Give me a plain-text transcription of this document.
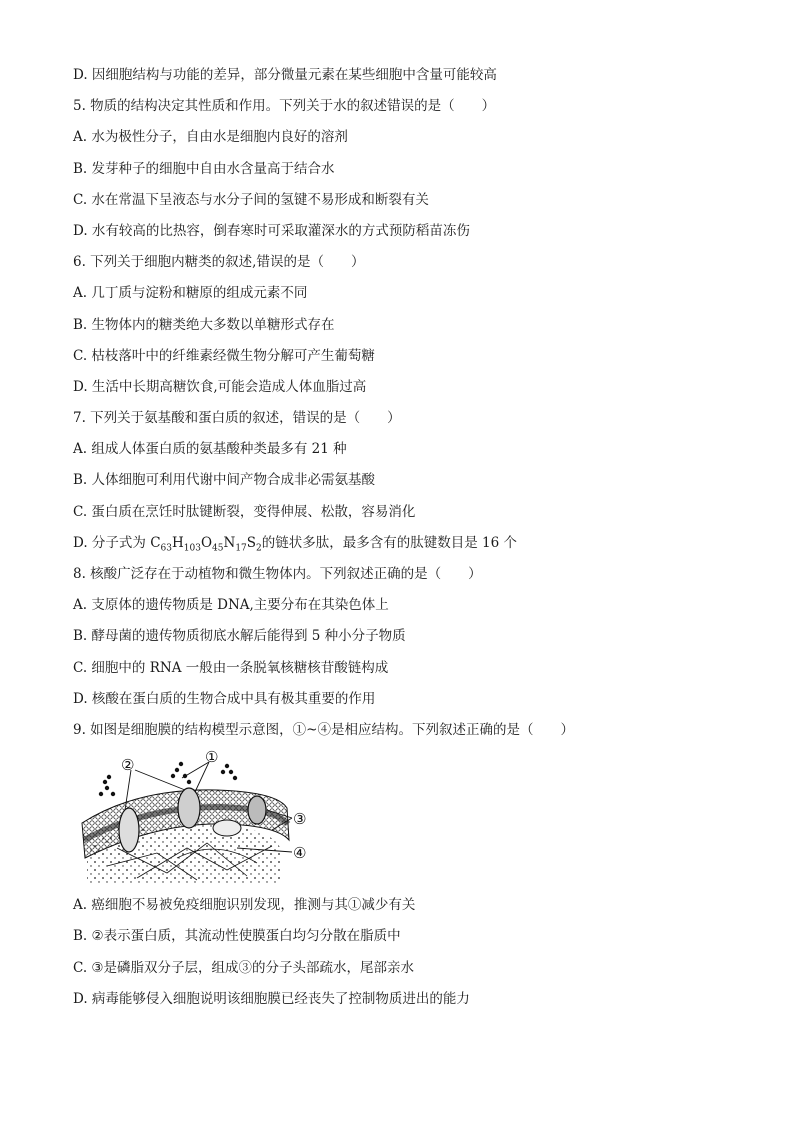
D. 因细胞结构与功能的差异，部分微量元素在某些细胞中含量可能较高
5. 物质的结构决定其性质和作用。下列关于水的叙述错误的是（　　）
A. 水为极性分子，自由水是细胞内良好的溶剂
B. 发芽种子的细胞中自由水含量高于结合水
C. 水在常温下呈液态与水分子间的氢键不易形成和断裂有关
D. 水有较高的比热容，倒春寒时可采取灌深水的方式预防稻苗冻伤
6. 下列关于细胞内糖类的叙述,错误的是（　　）
A. 几丁质与淀粉和糖原的组成元素不同
B. 生物体内的糖类绝大多数以单糖形式存在
C. 枯枝落叶中的纤维素经微生物分解可产生葡萄糖
D. 生活中长期高糖饮食,可能会造成人体血脂过高
7. 下列关于氨基酸和蛋白质的叙述，错误的是（　　）
A. 组成人体蛋白质的氨基酸种类最多有 21 种
B. 人体细胞可利用代谢中间产物合成非必需氨基酸
C. 蛋白质在烹饪时肽键断裂，变得伸展、松散，容易消化
D. 分子式为 $C_{63}H_{103}O_{45}N_{17}S_2$的链状多肽，最多含有的肽键数目是 16 个
8. 核酸广泛存在于动植物和微生物体内。下列叙述正确的是（　　）
A. 支原体的遗传物质是 DNA,主要分布在其染色体上
B. 酵母菌的遗传物质彻底水解后能得到 5 种小分子物质
C. 细胞中的 RNA 一般由一条脱氧核糖核苷酸链构成
D. 核酸在蛋白质的生物合成中具有极其重要的作用
9. 如图是细胞膜的结构模型示意图，①~④是相应结构。下列叙述正确的是（　　）
②	①
③
④
A. 癌细胞不易被免疫细胞识别发现，推测与其①减少有关
B. ②表示蛋白质，其流动性使膜蛋白均匀分散在脂质中
C. ③是磷脂双分子层，组成③的分子头部疏水，尾部亲水
D. 病毒能够侵入细胞说明该细胞膜已经丧失了控制物质进出的能力
